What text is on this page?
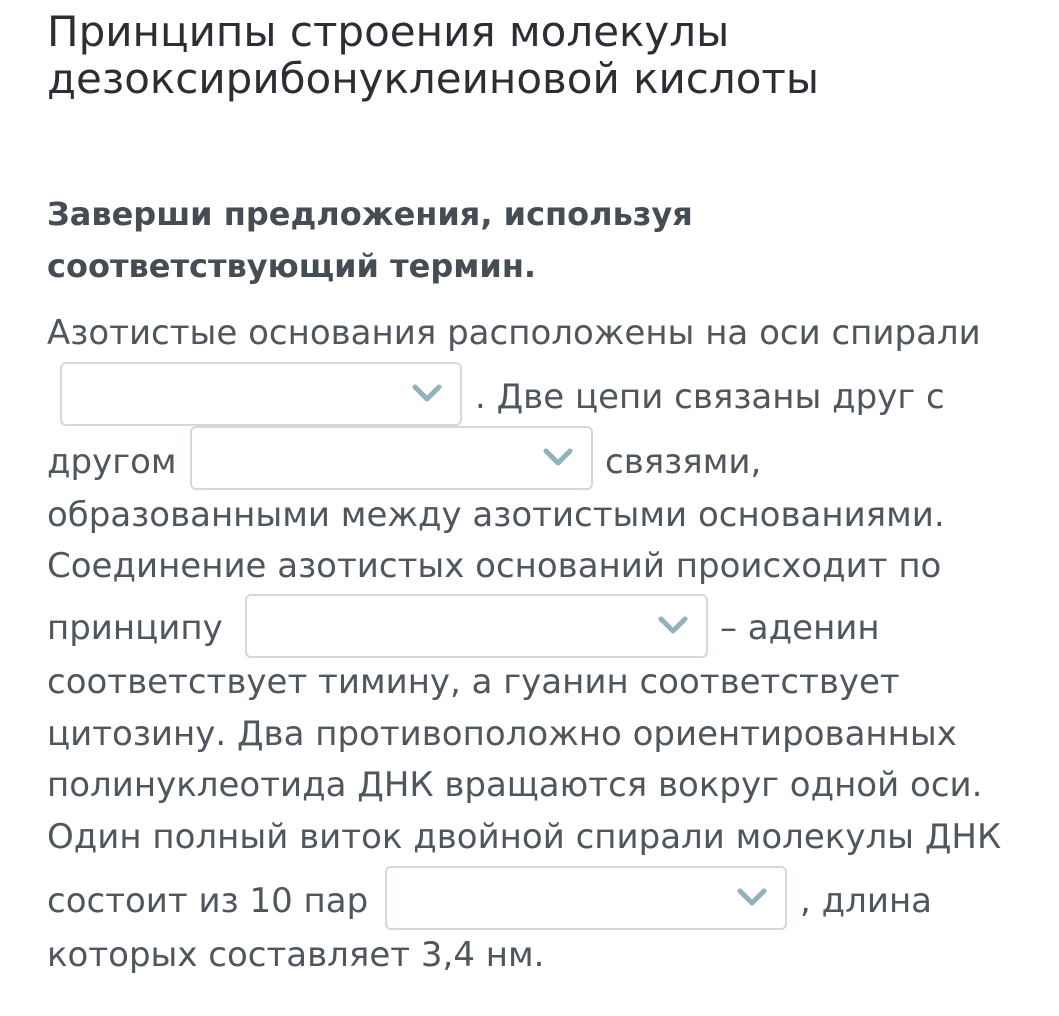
Принципы строения молекулы дезоксирибонуклеиновой кислоты
Заверши предложения, используя соответствующий термин.
Азотистые основания расположены на оси спирали
. Две цепи связаны друг с
другом	связями,
образованными между азотистыми основаниями.
Соединение азотистых оснований происходит по
принципу	– аденин
соответствует тимину, а гуанин соответствует
цитозину. Два противоположно ориентированных
полинуклеотида ДНК вращаются вокруг одной оси.
Один полный виток двойной спирали молекулы ДНК
состоит из 10 пар	, длина
которых составляет 3,4 нм.
